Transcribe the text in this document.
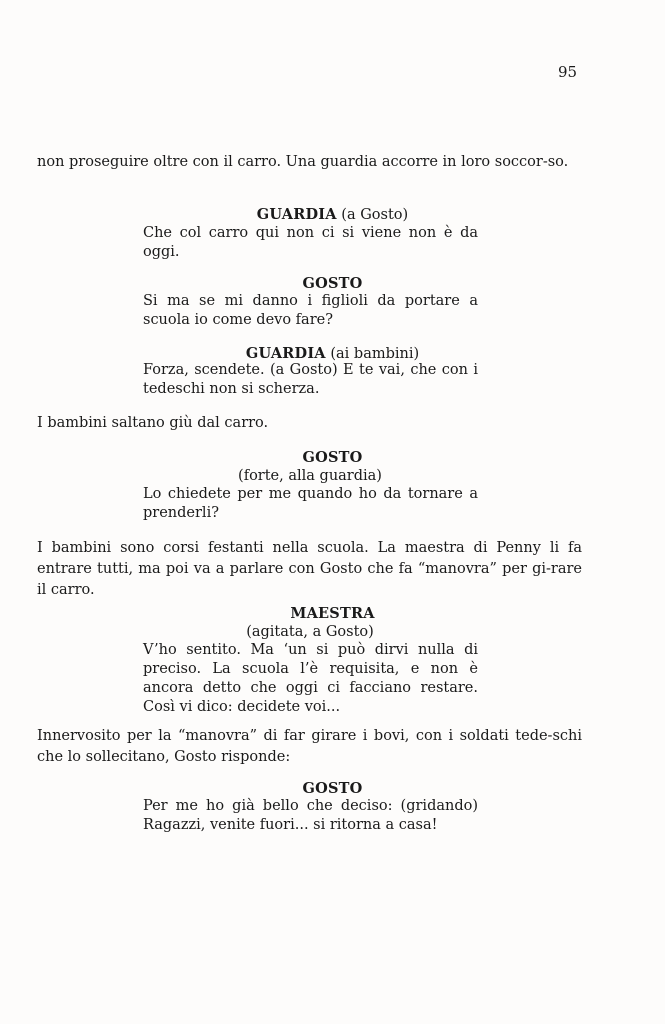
95
non proseguire oltre con il carro. Una guardia accorre in loro soccor-so.
GUARDIA (a Gosto)
Che col carro qui non ci si viene non è da oggi.
GOSTO
Si ma se mi danno i figlioli da portare a scuola io come devo fare?
GUARDIA (ai bambini)
Forza, scendete. (a Gosto) E te vai, che con i tedeschi non si scherza.
I bambini saltano giù dal carro.
GOSTO
(forte, alla guardia)
Lo chiedete per me quando ho da tornare a prenderli?
I bambini sono corsi festanti nella scuola. La maestra di Penny li fa entrare tutti, ma poi va a parlare con Gosto che fa “manovra” per gi-rare il carro.
MAESTRA
(agitata, a Gosto)
V’ho sentito. Ma ‘un si può dirvi nulla di preciso. La scuola l’è requisita, e non è ancora detto che oggi ci facciano restare. Così vi dico: decidete voi...
Innervosito per la “manovra” di far girare i bovi, con i soldati tede-schi che lo sollecitano, Gosto risponde:
GOSTO
Per me ho già bello che deciso: (gridando) Ragazzi, venite fuori... si ritorna a casa!
